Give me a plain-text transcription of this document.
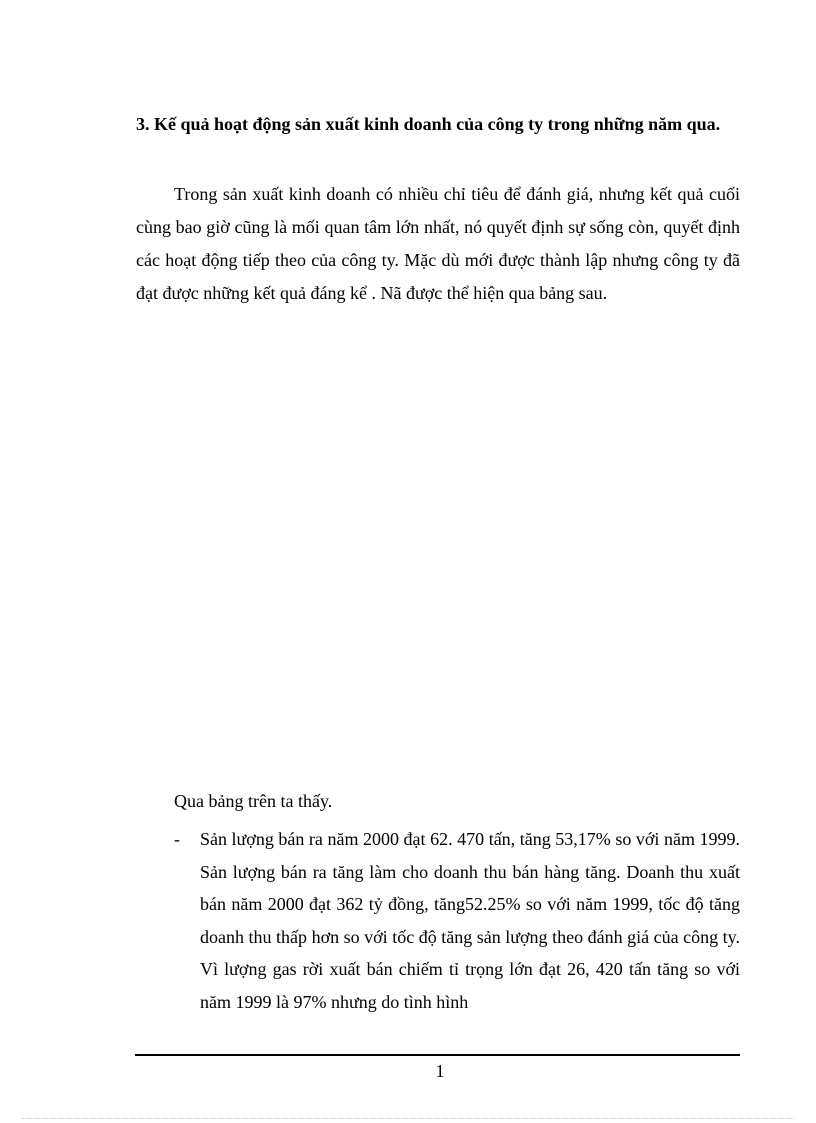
3. Kế quả hoạt động sản xuất kinh doanh của công ty trong những năm qua.

Trong sản xuất kinh doanh có nhiều chỉ tiêu để đánh giá, nhưng kết quả cuối cùng bao giờ cũng là mối quan tâm lớn nhất, nó quyết định sự sống còn, quyết định các hoạt động tiếp theo của công ty. Mặc dù mới được thành lập nhưng công ty đã đạt được những kết quả đáng kể . Nã được thể hiện qua bảng sau.

Qua bảng trên ta thấy.

-	Sản lượng bán ra năm 2000 đạt 62. 470 tấn, tăng 53,17% so với năm 1999. Sản lượng bán ra tăng làm cho doanh thu bán hàng tăng. Doanh thu xuất bán năm 2000 đạt 362 tỷ đồng, tăng52.25% so với năm 1999, tốc độ tăng doanh thu thấp hơn so với tốc độ tăng sản lượng theo đánh giá của công ty. Vì lượng gas rời xuất bán chiếm tỉ trọng lớn đạt 26, 420 tấn tăng so với năm 1999 là 97% nhưng do tình hình
1
